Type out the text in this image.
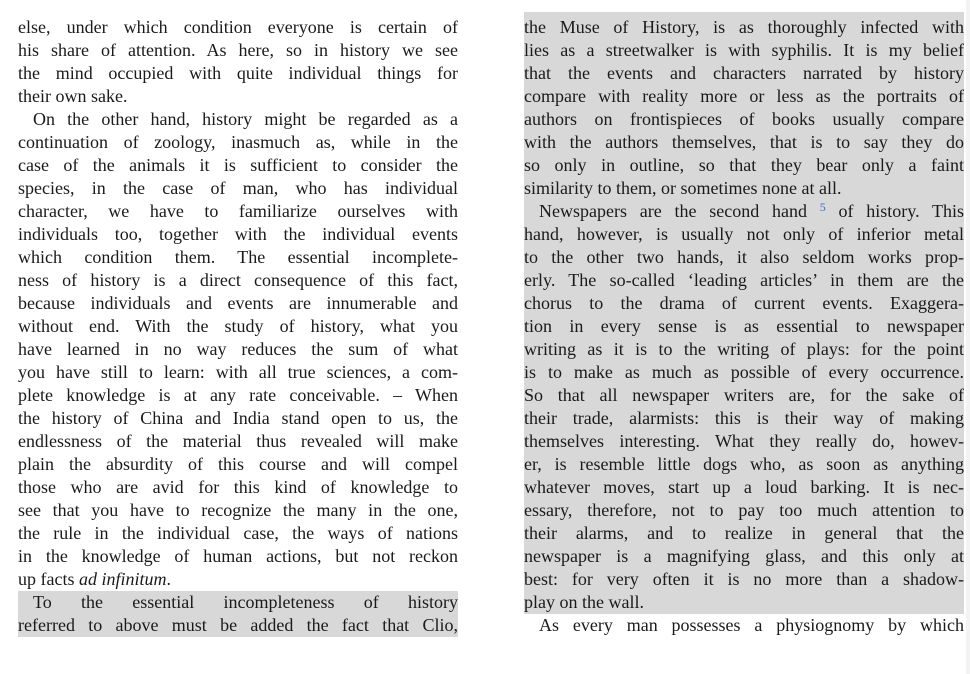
else, under which condition everyone is certain of
his share of attention. As here, so in history we see
the mind occupied with quite individual things for
their own sake.
On the other hand, history might be regarded as a
continuation of zoology, inasmuch as, while in the
case of the animals it is sufficient to consider the
species, in the case of man, who has individual
character, we have to familiarize ourselves with
individuals too, together with the individual events
which condition them. The essential incomplete-
ness of history is a direct consequence of this fact,
because individuals and events are innumerable and
without end. With the study of history, what you
have learned in no way reduces the sum of what
you have still to learn: with all true sciences, a com-
plete knowledge is at any rate conceivable. – When
the history of China and India stand open to us, the
endlessness of the material thus revealed will make
plain the absurdity of this course and will compel
those who are avid for this kind of knowledge to
see that you have to recognize the many in the one,
the rule in the individual case, the ways of nations
in the knowledge of human actions, but not reckon
up facts ad infinitum.
To the essential incompleteness of history
referred to above must be added the fact that Clio,
the Muse of History, is as thoroughly infected with
lies as a streetwalker is with syphilis. It is my belief
that the events and characters narrated by history
compare with reality more or less as the portraits of
authors on frontispieces of books usually compare
with the authors themselves, that is to say they do
so only in outline, so that they bear only a faint
similarity to them, or sometimes none at all.
Newspapers are the second hand $^5$ of history. This
hand, however, is usually not only of inferior metal
to the other two hands, it also seldom works prop-
erly. The so-called ‘leading articles’ in them are the
chorus to the drama of current events. Exaggera-
tion in every sense is as essential to newspaper
writing as it is to the writing of plays: for the point
is to make as much as possible of every occurrence.
So that all newspaper writers are, for the sake of
their trade, alarmists: this is their way of making
themselves interesting. What they really do, howev-
er, is resemble little dogs who, as soon as anything
whatever moves, start up a loud barking. It is nec-
essary, therefore, not to pay too much attention to
their alarms, and to realize in general that the
newspaper is a magnifying glass, and this only at
best: for very often it is no more than a shadow-
play on the wall.
As every man possesses a physiognomy by which
